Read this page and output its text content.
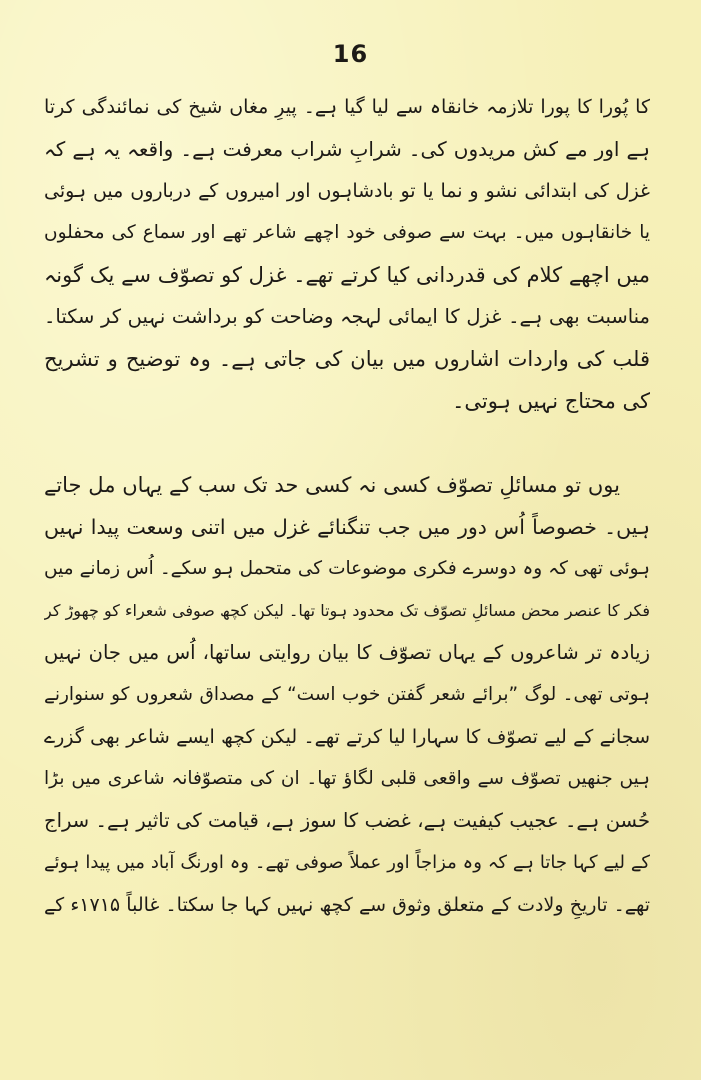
16
کا پُورا کا پورا تلازمہ خانقاہ سے لیا گیا ہے۔ پیرِ مغاں شیخ کی نمائندگی کرتا
ہے اور مے کش مریدوں کی۔ شرابِ شراب معرفت ہے۔ واقعہ یہ ہے کہ
غزل کی ابتدائی نشو و نما یا تو بادشاہوں اور امیروں کے درباروں میں ہوئی
یا خانقاہوں میں۔ بہت سے صوفی خود اچھے شاعر تھے اور سماع کی محفلوں
میں اچھے کلام کی قدردانی کیا کرتے تھے۔ غزل کو تصوّف سے یک گونہ
مناسبت بھی ہے۔ غزل کا ایمائی لہجہ وضاحت کو برداشت نہیں کر سکتا۔
قلب کی واردات اشاروں میں بیان کی جاتی ہے۔ وہ توضیح و تشریح
کی محتاج نہیں ہوتی۔
یوں تو مسائلِ تصوّف کسی نہ کسی حد تک سب کے یہاں مل جاتے
ہیں۔ خصوصاً اُس دور میں جب تنگنائے غزل میں اتنی وسعت پیدا نہیں
ہوئی تھی کہ وہ دوسرے فکری موضوعات کی متحمل ہو سکے۔ اُس زمانے میں
فکر کا عنصر محض مسائلِ تصوّف تک محدود ہوتا تھا۔ لیکن کچھ صوفی شعراء کو چھوڑ کر
زیادہ تر شاعروں کے یہاں تصوّف کا بیان روایتی ساتھا، اُس میں جان نہیں
ہوتی تھی۔ لوگ ”برائے شعر گفتن خوب است“ کے مصداق شعروں کو سنوارنے
سجانے کے لیے تصوّف کا سہارا لیا کرتے تھے۔ لیکن کچھ ایسے شاعر بھی گزرے
ہیں جنھیں تصوّف سے واقعی قلبی لگاؤ تھا۔ ان کی متصوّفانہ شاعری میں بڑا
حُسن ہے۔ عجیب کیفیت ہے، غضب کا سوز ہے، قیامت کی تاثیر ہے۔ سراج
کے لیے کہا جاتا ہے کہ وہ مزاجاً اور عملاً صوفی تھے۔ وہ اورنگ آباد میں پیدا ہوئے
تھے۔ تاریخِ ولادت کے متعلق وثوق سے کچھ نہیں کہا جا سکتا۔ غالباً ۱۷۱۵ء کے
